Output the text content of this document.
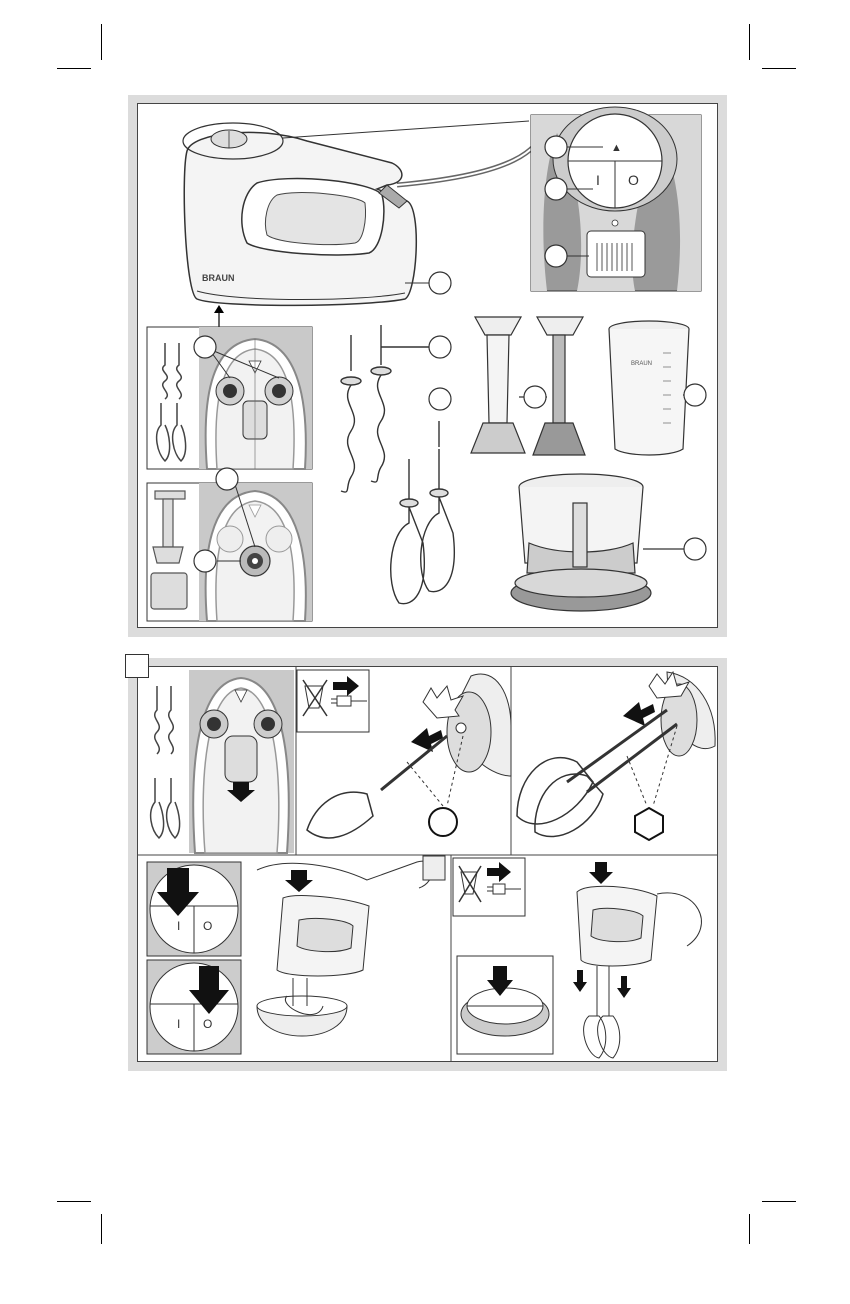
BRAUN
▲
I O
BRAUN
I O
I O
